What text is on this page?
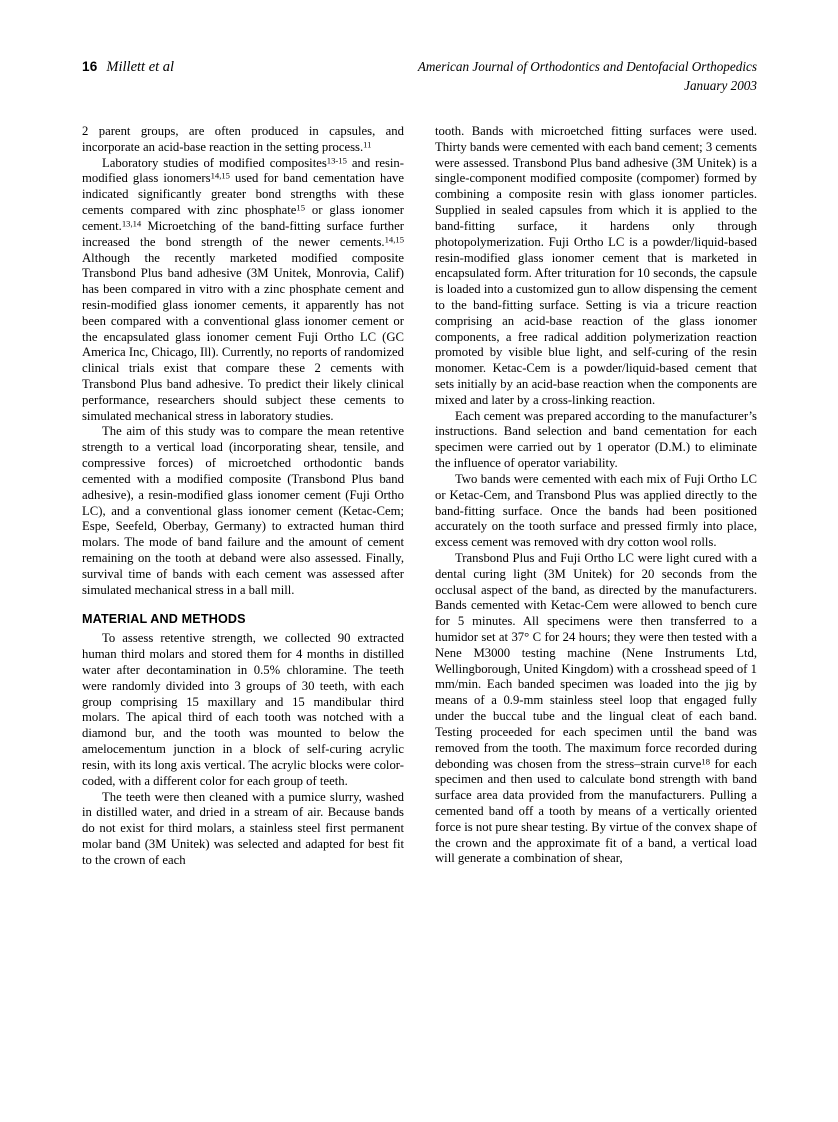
16 Millett et al	American Journal of Orthodontics and Dentofacial Orthopedics
January 2003

2 parent groups, are often produced in capsules, and incorporate an acid-base reaction in the setting process.$^{11}$

Laboratory studies of modified composites$^{13-15}$ and resin-modified glass ionomers$^{14,15}$ used for band cementation have indicated significantly greater bond strengths with these cements compared with zinc phosphate$^{15}$ or glass ionomer cement.$^{13,14}$ Microetching of the band-fitting surface further increased the bond strength of the newer cements.$^{14,15}$ Although the recently marketed modified composite Transbond Plus band adhesive (3M Unitek, Monrovia, Calif) has been compared in vitro with a zinc phosphate cement and resin-modified glass ionomer cements, it apparently has not been compared with a conventional glass ionomer cement or the encapsulated glass ionomer cement Fuji Ortho LC (GC America Inc, Chicago, Ill). Currently, no reports of randomized clinical trials exist that compare these 2 cements with Transbond Plus band adhesive. To predict their likely clinical performance, researchers should subject these cements to simulated mechanical stress in laboratory studies.

The aim of this study was to compare the mean retentive strength to a vertical load (incorporating shear, tensile, and compressive forces) of microetched orthodontic bands cemented with a modified composite (Transbond Plus band adhesive), a resin-modified glass ionomer cement (Fuji Ortho LC), and a conventional glass ionomer cement (Ketac-Cem; Espe, Seefeld, Oberbay, Germany) to extracted human third molars. The mode of band failure and the amount of cement remaining on the tooth at deband were also assessed. Finally, survival time of bands with each cement was assessed after simulated mechanical stress in a ball mill.

MATERIAL AND METHODS

To assess retentive strength, we collected 90 extracted human third molars and stored them for 4 months in distilled water after decontamination in 0.5% chloramine. The teeth were randomly divided into 3 groups of 30 teeth, with each group comprising 15 maxillary and 15 mandibular third molars. The apical third of each tooth was notched with a diamond bur, and the tooth was mounted to below the amelocementum junction in a block of self-curing acrylic resin, with its long axis vertical. The acrylic blocks were color-coded, with a different color for each group of teeth.

The teeth were then cleaned with a pumice slurry, washed in distilled water, and dried in a stream of air. Because bands do not exist for third molars, a stainless steel first permanent molar band (3M Unitek) was selected and adapted for best fit to the crown of each

tooth. Bands with microetched fitting surfaces were used. Thirty bands were cemented with each band cement; 3 cements were assessed. Transbond Plus band adhesive (3M Unitek) is a single-component modified composite (compomer) formed by combining a composite resin with glass ionomer particles. Supplied in sealed capsules from which it is applied to the band-fitting surface, it hardens only through photopolymerization. Fuji Ortho LC is a powder/liquid-based resin-modified glass ionomer cement that is marketed in encapsulated form. After trituration for 10 seconds, the capsule is loaded into a customized gun to allow dispensing the cement to the band-fitting surface. Setting is via a tricure reaction comprising an acid-base reaction of the glass ionomer components, a free radical addition polymerization reaction promoted by visible blue light, and self-curing of the resin monomer. Ketac-Cem is a powder/liquid-based cement that sets initially by an acid-base reaction when the components are mixed and later by a cross-linking reaction.

Each cement was prepared according to the manufacturer’s instructions. Band selection and band cementation for each specimen were carried out by 1 operator (D.M.) to eliminate the influence of operator variability.

Two bands were cemented with each mix of Fuji Ortho LC or Ketac-Cem, and Transbond Plus was applied directly to the band-fitting surface. Once the bands had been positioned accurately on the tooth surface and pressed firmly into place, excess cement was removed with dry cotton wool rolls.

Transbond Plus and Fuji Ortho LC were light cured with a dental curing light (3M Unitek) for 20 seconds from the occlusal aspect of the band, as directed by the manufacturers. Bands cemented with Ketac-Cem were allowed to bench cure for 5 minutes. All specimens were then transferred to a humidor set at 37° C for 24 hours; they were then tested with a Nene M3000 testing machine (Nene Instruments Ltd, Wellingborough, United Kingdom) with a crosshead speed of 1 mm/min. Each banded specimen was loaded into the jig by means of a 0.9-mm stainless steel loop that engaged fully under the buccal tube and the lingual cleat of each band. Testing proceeded for each specimen until the band was removed from the tooth. The maximum force recorded during debonding was chosen from the stress–strain curve$^{18}$ for each specimen and then used to calculate bond strength with band surface area data provided from the manufacturers. Pulling a cemented band off a tooth by means of a vertically oriented force is not pure shear testing. By virtue of the convex shape of the crown and the approximate fit of a band, a vertical load will generate a combination of shear,
